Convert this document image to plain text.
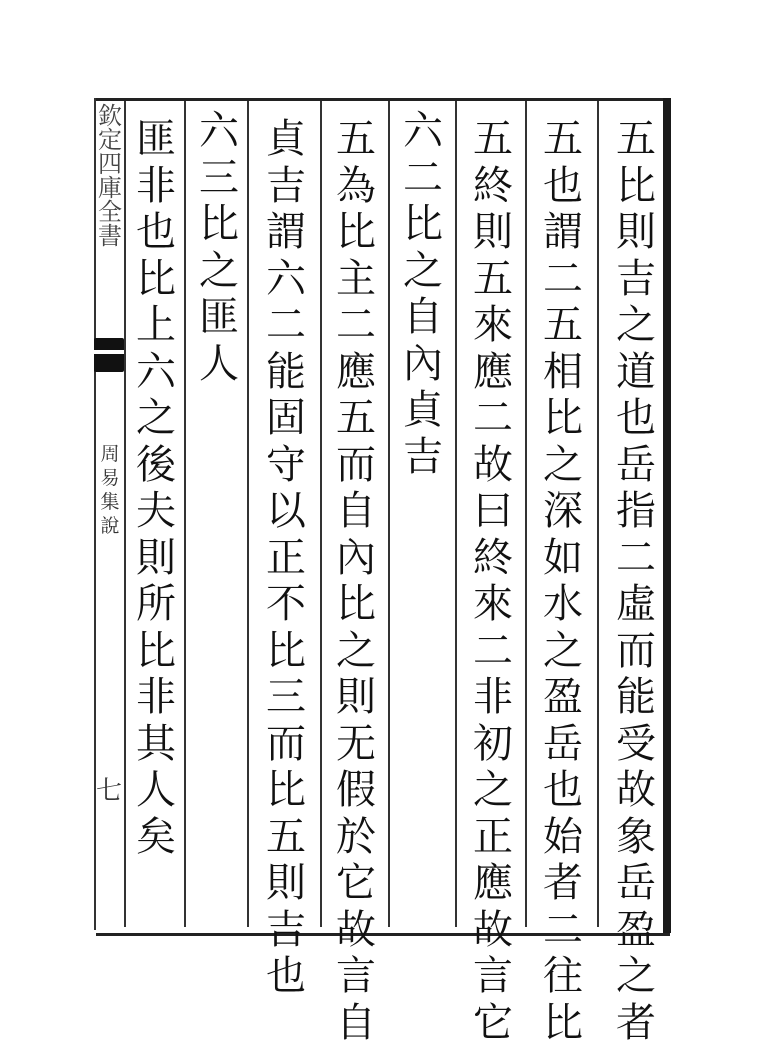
欽
定
四
庫
全
書
周
易
集
說
七
五
比
則
吉
之
道
也
岳
指
二
虛
而
能
受
故
象
岳
盈
之
者
五
也
謂
二
五
相
比
之
深
如
水
之
盈
岳
也
始
者
二
往
比
五
終
則
五
來
應
二
故
曰
終
來
二
非
初
之
正
應
故
言
它
六
二
比
之
自
內
貞
吉
五
為
比
主
二
應
五
而
自
內
比
之
則
无
假
於
它
故
言
自
貞
吉
謂
六
二
能
固
守
以
正
不
比
三
而
比
五
則
吉
也
六
三
比
之
匪
人
匪
非
也
比
上
六
之
後
夫
則
所
比
非
其
人
矣
